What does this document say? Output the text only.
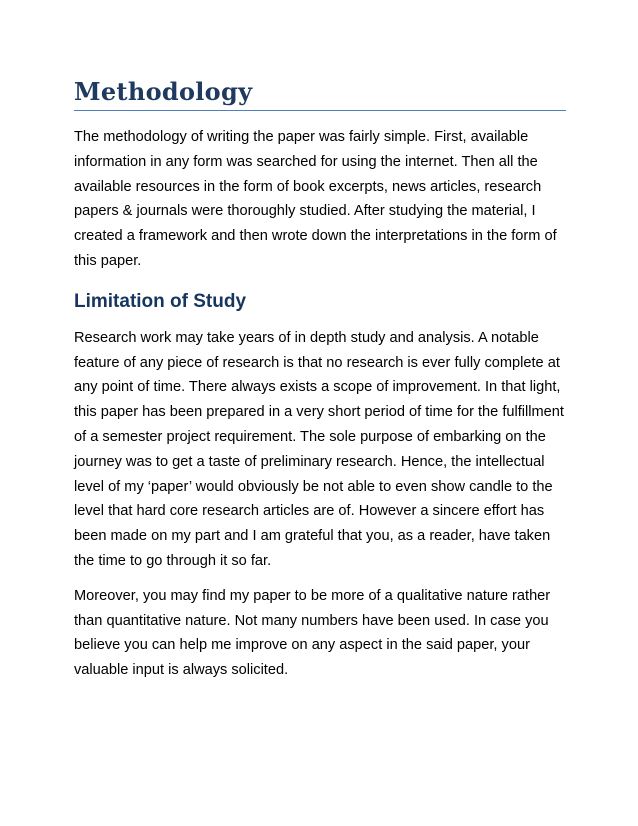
Methodology

The methodology of writing the paper was fairly simple. First, available information in any form was searched for using the internet. Then all the available resources in the form of book excerpts, news articles, research papers & journals were thoroughly studied. After studying the material, I created a framework and then wrote down the interpretations in the form of this paper.

Limitation of Study

Research work may take years of in depth study and analysis. A notable feature of any piece of research is that no research is ever fully complete at any point of time. There always exists a scope of improvement. In that light, this paper has been prepared in a very short period of time for the fulfillment of a semester project requirement. The sole purpose of embarking on the journey was to get a taste of preliminary research. Hence, the intellectual level of my ‘paper’ would obviously be not able to even show candle to the level that hard core research articles are of. However a sincere effort has been made on my part and I am grateful that you, as a reader, have taken the time to go through it so far.

Moreover, you may find my paper to be more of a qualitative nature rather than quantitative nature. Not many numbers have been used. In case you believe you can help me improve on any aspect in the said paper, your valuable input is always solicited.
